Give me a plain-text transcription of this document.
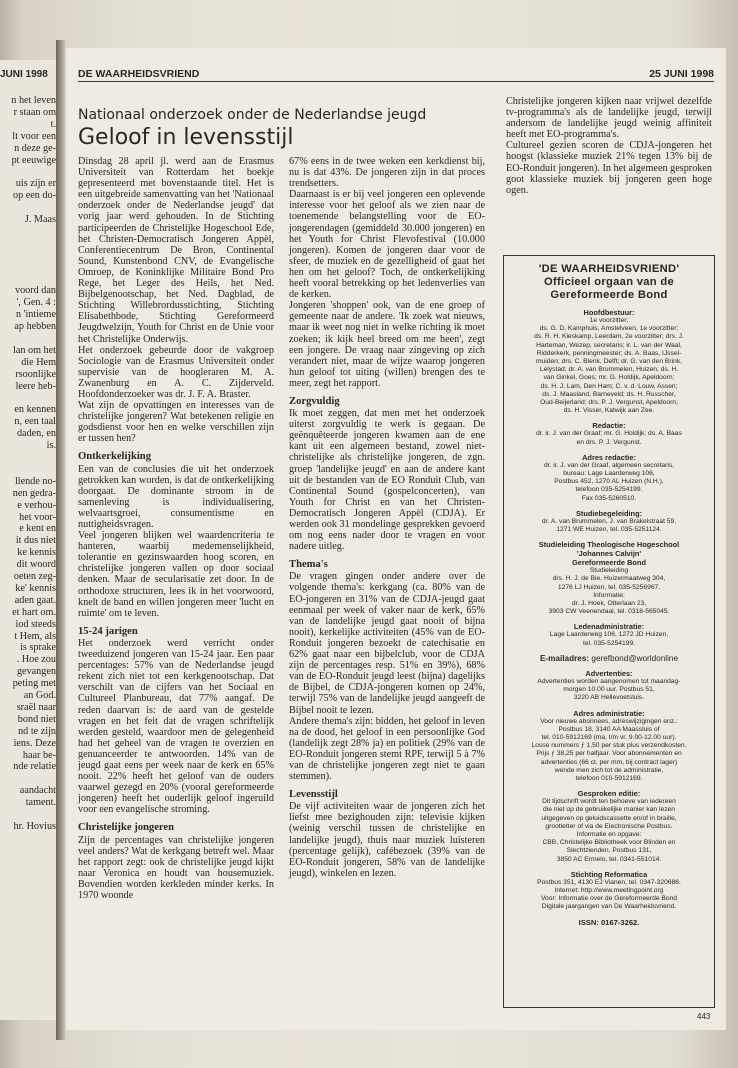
JUNI 1998
n het leven
r staan om
t.
lt voor een
n deze ge-
pt eeuwige
uis zijn er
op een do-
J. Maas
voord dan
', Gen. 4 :
n 'intieme
ap hebben
lan om het
die Hem
rsoonlijke
leere heb-
en kennen
n, een taal
daden, en
is.
llende no-
nen gedra-
e verhou-
het voor-
e kent en
it dus niet
ke kennis
dit woord
oeten zeg-
ke' kennis
aden gaat.
et hart om.
iod steeds
t Hem, als
is sprake
. Hoe zou
gevangen
peting met
an God.
sraël naar
bond niet
nd te zijn
iens. Deze
haar be-
nde relatie
aandacht
tament.
hr. Hovius
DE WAARHEIDSVRIEND	25 JUNI 1998
Nationaal onderzoek onder de Nederlandse jeugd
Geloof in levensstijl

Dinsdag 28 april jl. werd aan de Erasmus Universiteit van Rotterdam het boekje gepresenteerd met bovenstaande titel. Het is een uitgebreide samenvatting van het 'Nationaal onderzoek onder de Nederlandse jeugd' dat vorig jaar werd gehouden. In de Stichting participeerden de Christelijke Hogeschool Ede, het Christen-Democratisch Jongeren Appèl, Conferentiecentrum De Bron, Continental Sound, Kunstenbond CNV, de Evangelische Omroep, de Koninklijke Militaire Bond Pro Rege, het Leger des Heils, het Ned. Bijbelgenootschap, het Ned. Dagblad, de Stichting Willebrordusstichting, Stichting Elisabethbode, Stichting Gereformeerd Jeugdwelzijn, Youth for Christ en de Unie voor het Christelijke Onderwijs.

Het onderzoek gebeurde door de vakgroep Sociologie van de Erasmus Universiteit onder supervisie van de hoogleraren M. A. Zwanenburg en A. C. Zijderveld. Hoofdonderzoeker was dr. J. F. A. Braster.

Wat zijn de opvattingen en interesses van de christelijke jongeren? Wat betekenen religie en godsdienst voor hen en welke verschillen zijn er tussen hen?

Ontkerkelijking

Een van de conclusies die uit het onderzoek getrokken kan worden, is dat de ontkerkelijking doorgaat. De dominante stroom in de samenleving is individualisering, welvaartsgroei, consumentisme en nuttigheidsvragen.

Veel jongeren blijken wel waardencriteria te hanteren, waarbij medemenselijkheid, tolerantie en gezinswaarden hoog scoren, en christelijke jongeren vallen op door sociaal denken. Maar de secularisatie zet door. In de orthodoxe structuren, lees ik in het voorwoord, knelt de band en willen jongeren meer 'lucht en ruimte' om te leven.

15-24 jarigen

Het onderzoek werd verricht onder tweeduizend jongeren van 15-24 jaar. Een paar percentages: 57% van de Nederlandse jeugd rekent zich niet tot een kerkgenootschap. Dat verschilt van de cijfers van het Sociaal en Cultureel Planbureau, dat 77% aangaf. De reden daarvan is: de aard van de gestelde vragen en het feit dat de vragen schriftelijk werden gesteld, waardoor men de gelegenheid had het geheel van de vragen te overzien en genuanceerder te antwoorden. 14% van de jeugd gaat eens per week naar de kerk en 65% nooit. 22% heeft het geloof van de ouders vaarwel gezegd en 20% (vooral gereformeerde jongeren) heeft het ouderlijk geloof ingeruild voor een evangelische stroming.

Christelijke jongeren

Zijn de percentages van christelijke jongeren veel anders? Wat de kerkgang betreft wel. Maar het rapport zegt: ook de christelijke jeugd kijkt naar Veronica en houdt van housemuziek. Bovendien worden kerkleden minder kerks. In 1970 woonde

67% eens in de twee weken een kerkdienst bij, nu is dat 43%. De jongeren zijn in dat proces trendsetters.

Daarnaast is er bij veel jongeren een oplevende interesse voor het geloof als we zien naar de toenemende belangstelling voor de EO-jongerendagen (gemiddeld 30.000 jongeren) en het Youth for Christ Flevofestival (10.000 jongeren). Komen de jongeren daar voor de sfeer, de muziek en de gezelligheid of gaat het hen om het geloof? Toch, de ontkerkelijking heeft vooral betrekking op het ledenverlies van de kerken.

Jongeren 'shoppen' ook, van de ene groep of gemeente naar de andere. 'Ik zoek wat nieuws, maar ik weet nog niet in welke richting ik moet zoeken; ik kijk heel breed om me heen', zegt een jongere. De vraag naar zingeving op zich verandert niet, maar de wijze waarop jongeren hun geloof tot uiting (willen) brengen des te meer, zegt het rapport.

Zorgvuldig

Ik moet zeggen, dat men met het onderzoek uiterst zorgvuldig te werk is gegaan. De geënquêteerde jongeren kwamen aan de ene kant uit een algemeen bestand, zowel niet-christelijke als christelijke jongeren, de zgn. groep 'landelijke jeugd' en aan de andere kant uit de bestanden van de EO Ronduit Club, van Continental Sound (gospelconcerten), van Youth for Christ en van het Christen-Democratisch Jongeren Appèl (CDJA). Er werden ook 31 mondelinge gesprekken gevoerd om nog eens nader door te vragen en voor nadere uitleg.

Thema's

De vragen gingen onder andere over de volgende thema's: kerkgang (ca. 80% van de EO-jongeren en 31% van de CDJA-jeugd gaat eenmaal per week of vaker naar de kerk, 65% van de landelijke jeugd gaat nooit of bijna nooit), kerkelijke activiteiten (45% van de EO-Ronduit jongeren bezoekt de catechisatie en 62% gaat naar een bijbelclub, voor de CDJA zijn de percentages resp. 51% en 39%), 68% van de EO-Ronduit jeugd leest (bijna) dagelijks de Bijbel, de CDJA-jongeren komen op 24%, terwijl 75% van de landelijke jeugd aangeeft de Bijbel nooit te lezen.

Andere thema's zijn: bidden, het geloof in leven na de dood, het geloof in een persoonlijke God (landelijk zegt 28% ja) en politiek (29% van de EO-Ronduit jongeren stemt RPF, terwijl 5 à 7% van de christelijke jongeren zegt niet te gaan stemmen).

Levensstijl

De vijf activiteiten waar de jongeren zich het liefst mee bezighouden zijn: televisie kijken (weinig verschil tussen de christelijke en landelijke jeugd), thuis naar muziek luisteren (percentage gelijk), cafébezoek (39% van de EO-Ronduit jongeren, 58% van de landelijke jeugd), winkelen en lezen.

Christelijke jongeren kijken naar vrijwel dezelfde tv-programma's als de landelijke jeugd, terwijl andersom de landelijke jeugd weinig affiniteit heeft met EO-programma's.

Cultureel gezien scoren de CDJA-jongeren het hoogst (klassieke muziek 21% tegen 13% bij de EO-Ronduit jongeren). In het algemeen gesproken goot klassieke muziek bij jongeren geen hoge ogen.

'DE WAARHEIDSVRIEND'
Officieel orgaan van de
Gereformeerde Bond
Hoofdbestuur:
1e voorzitter;
ds. G. D. Kamphuis, Amstelveen, 1e voorzitter;
ds. R. H. Kieskamp, Leerdam, 2e voorzitter; drs. J.
Harteman, Wezep, secretaris; ir. L. van der Waal,
Ridderkerk, penningmeester; ds. A. Baas, IJssel-
muiden; drs. C. Blenk, Delft; dr. G. van den Brink,
Lelystad; dr. A. van Brummelen, Huizen; ds. H.
van Ginkel, Goes; mr. G. Holdijk, Apeldoorn;
ds. H. J. Lam, Den Ham; C. v. d. Louw, Assen;
ds. J. Maasland, Barneveld; ds. H. Russcher,
Oud-Beijerland; drs. P. J. Vergunst, Apeldoorn;
ds. H. Visser, Katwijk aan Zee.
Redactie:
dr. ir. J. van der Graaf; mr. G. Holdijk; ds. A. Baas
en drs. P. J. Vergunst.
Adres redactie:
dr. ir. J. van der Graaf, algemeen secretaris,
bureau: Lage Laarderweg 106,
Postbus 452, 1270 AL Huizen (N.H.),
telefoon 035-5254199.
Fax 035-5260510.
Studiebegeleiding:
dr. A. van Brummelen, J. van Brakelstraat 59,
1271 WE Huizen, tel. 035-5251124.
Studieleiding Theologische Hogeschool
'Johannes Calvijn'
Gereformeerde Bond
Studieleiding
drs. H. J. de Bie, Huizermaatweg 304,
1276 LJ Huizen, tel. 035-5256967.
Informatie:
dr. J. Hoek, Otterlaan 23,
3903 CW Veenendaal, tel. 0318-565045.
Ledenadministratie:
Lage Laarderweg 106, 1272 JD Huizen,
tel. 035-5254199.
E-mailadres: gerefbond@worldonline
Advertenties:
Advertenties worden aangenomen tot maandag-
morgen 10.00 uur. Postbus 51,
3220 AB Hellevoetsluis.
Adres administratie:
Voor nieuwe abonnees, adreswijzigingen enz.:
Postbus 18, 3140 AA Maassluis of
tel. 010-5912169 (ma. t/m vr. 9.00-12.00 uur).
Losse nummers ƒ 1,50 per stuk plus verzendkosten.
Prijs ƒ 38,25 per halfjaar. Voor abonnementen en
advertenties (66 ct. per mm, bij contract lager)
wende men zich tot de administratie,
telefoon 010-5912169.
Gesproken editie:
Dit tijdschrift wordt ten behoeve van iedereen
die niet op de gebruikelijke manier kan lezen
uitgegeven op geluidscassette en/of in braille,
grootletter of via de Electronische Postbus.
Informatie en opgave:
CBB, Christelijke Bibliotheek voor Blinden en
Slechtzienden, Postbus 131,
3850 AC Ermelo, tel. 0341-551014.
Stichting Reformatica
Postbus 351, 4130 EJ Vianen, tel. 0347-320686.
Internet: http://www.meetingpoint.org
Voor: Informatie over de Gereformeerde Bond
Digitale jaargangen van De Waarheidsvriend.
ISSN: 0167-3262.
443
